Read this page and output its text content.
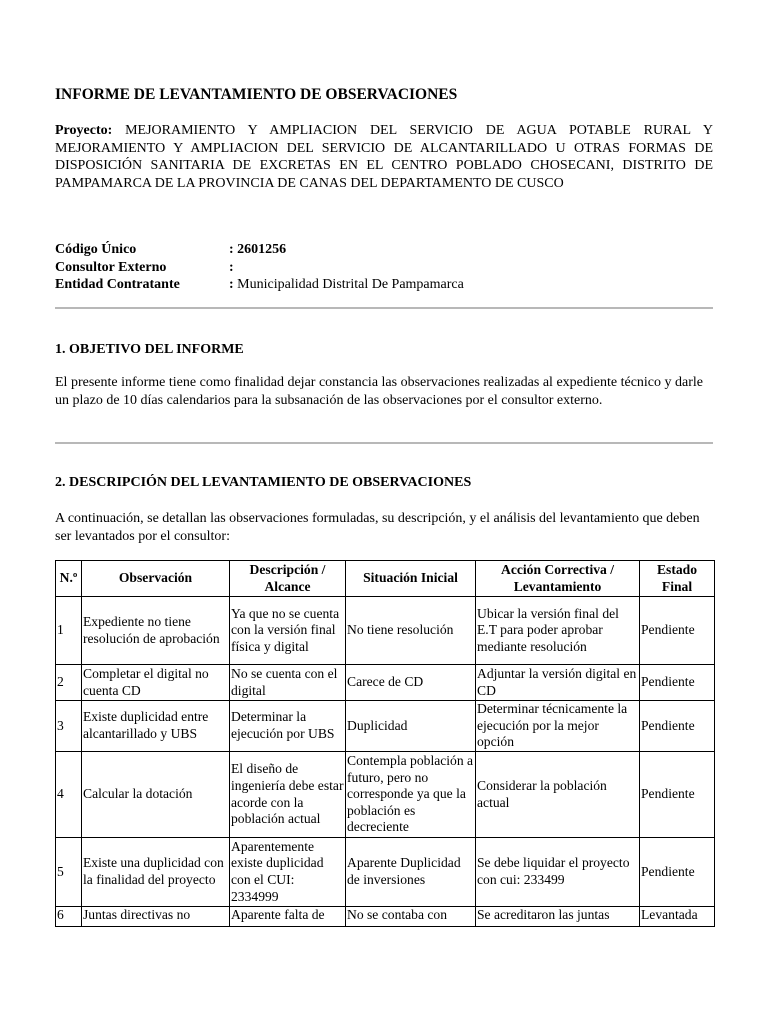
INFORME DE LEVANTAMIENTO DE OBSERVACIONES
Proyecto: MEJORAMIENTO Y AMPLIACION DEL SERVICIO DE AGUA POTABLE RURAL Y MEJORAMIENTO Y AMPLIACION DEL SERVICIO DE ALCANTARILLADO U OTRAS FORMAS DE DISPOSICIÓN SANITARIA DE EXCRETAS EN EL CENTRO POBLADO CHOSECANI, DISTRITO DE PAMPAMARCA DE LA PROVINCIA DE CANAS DEL DEPARTAMENTO DE CUSCO
Código Único	: 2601256
Consultor Externo	:
Entidad Contratante	: Municipalidad Distrital De Pampamarca
1. OBJETIVO DEL INFORME
El presente informe tiene como finalidad dejar constancia las observaciones realizadas al expediente técnico y darle un plazo de 10 días calendarios para la subsanación de las observaciones por el consultor externo.
2. DESCRIPCIÓN DEL LEVANTAMIENTO DE OBSERVACIONES
A continuación, se detallan las observaciones formuladas, su descripción, y el análisis del levantamiento que deben ser levantados por el consultor:
N.º	Observación	Descripción / Alcance	Situación Inicial	Acción Correctiva / Levantamiento	Estado Final
1	Expediente no tiene resolución de aprobación	Ya que no se cuenta con la versión final física y digital	No tiene resolución	Ubicar la versión final del E.T para poder aprobar mediante resolución	Pendiente
2	Completar el digital no cuenta CD	No se cuenta con el digital	Carece de CD	Adjuntar la versión digital en CD	Pendiente
3	Existe duplicidad entre alcantarillado y UBS	Determinar la ejecución por UBS	Duplicidad	Determinar técnicamente la ejecución por la mejor opción	Pendiente
4	Calcular la dotación	El diseño de ingeniería debe estar acorde con la población actual	Contempla población a futuro, pero no corresponde ya que la población es decreciente	Considerar la población actual	Pendiente
5	Existe una duplicidad con la finalidad del proyecto	Aparentemente existe duplicidad con el CUI: 2334999	Aparente Duplicidad de inversiones	Se debe liquidar el proyecto con cui: 233499	Pendiente
6	Juntas directivas no	Aparente falta de	No se contaba con	Se acreditaron las juntas	Levantada
